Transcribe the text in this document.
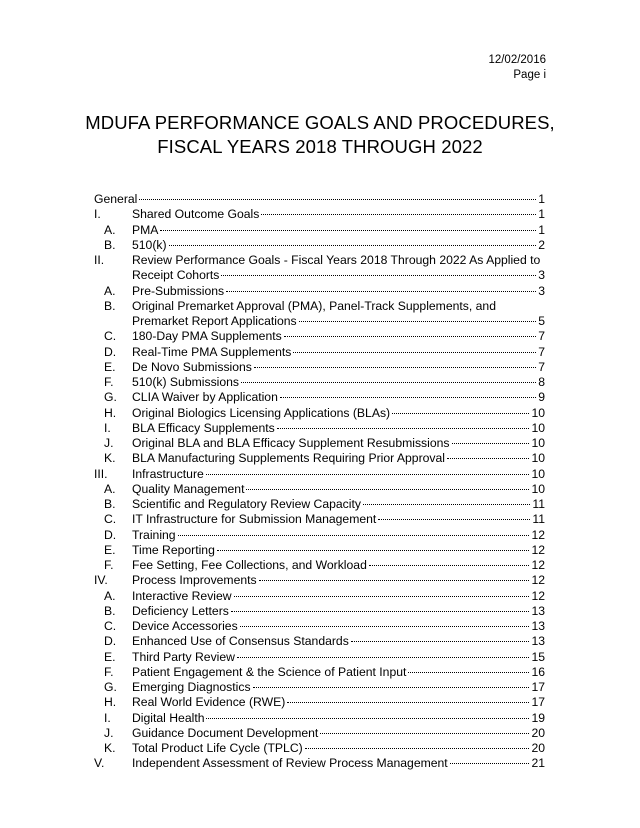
12/02/2016
Page i
MDUFA PERFORMANCE GOALS AND PROCEDURES,
FISCAL YEARS 2018 THROUGH 2022
General	1
I.	Shared Outcome Goals	1
A.	PMA	1
B.	510(k)	2
II.	Review Performance Goals - Fiscal Years 2018 Through 2022 As Applied to
Receipt Cohorts	3
A.	Pre-Submissions	3
B.	Original Premarket Approval (PMA), Panel-Track Supplements, and
Premarket Report Applications	5
C.	180-Day PMA Supplements	7
D.	Real-Time PMA Supplements	7
E.	De Novo Submissions	7
F.	510(k) Submissions	8
G.	CLIA Waiver by Application	9
H.	Original Biologics Licensing Applications (BLAs)	10
I.	BLA Efficacy Supplements	10
J.	Original BLA and BLA Efficacy Supplement Resubmissions	10
K.	BLA Manufacturing Supplements Requiring Prior Approval	10
III.	Infrastructure	10
A.	Quality Management	10
B.	Scientific and Regulatory Review Capacity	11
C.	IT Infrastructure for Submission Management	11
D.	Training	12
E.	Time Reporting	12
F.	Fee Setting, Fee Collections, and Workload	12
IV.	Process Improvements	12
A.	Interactive Review	12
B.	Deficiency Letters	13
C.	Device Accessories	13
D.	Enhanced Use of Consensus Standards	13
E.	Third Party Review	15
F.	Patient Engagement & the Science of Patient Input	16
G.	Emerging Diagnostics	17
H.	Real World Evidence (RWE)	17
I.	Digital Health	19
J.	Guidance Document Development	20
K.	Total Product Life Cycle (TPLC)	20
V.	Independent Assessment of Review Process Management	21
